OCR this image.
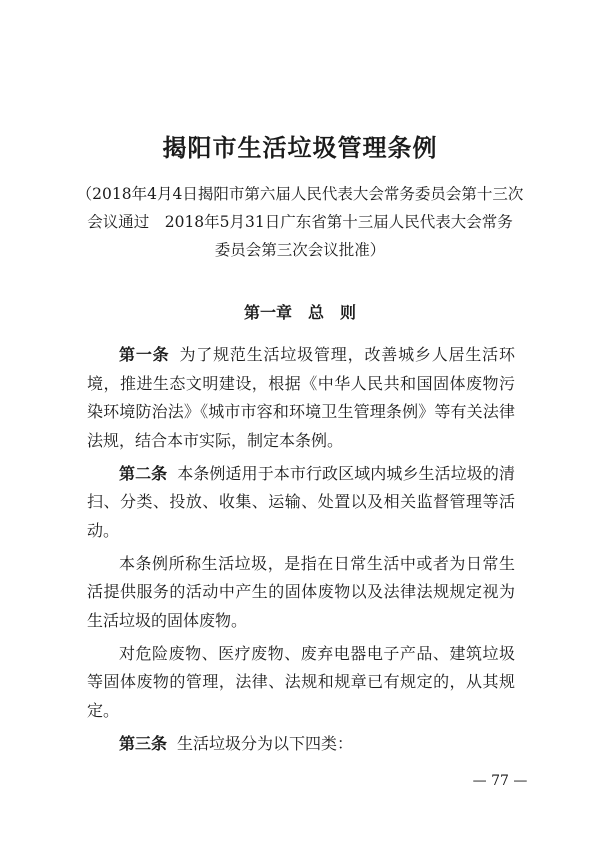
揭阳市生活垃圾管理条例
（2018年4月4日揭阳市第六届人民代表大会常务委员会第十三次
会议通过　2018年5月31日广东省第十三届人民代表大会常务
委员会第三次会议批准）
第一章　总　则

第一条 为了规范生活垃圾管理，改善城乡人居生活环境，推进生态文明建设，根据《中华人民共和国固体废物污染环境防治法》《城市市容和环境卫生管理条例》等有关法律法规，结合本市实际，制定本条例。

第二条 本条例适用于本市行政区域内城乡生活垃圾的清扫、分类、投放、收集、运输、处置以及相关监督管理等活动。

本条例所称生活垃圾，是指在日常生活中或者为日常生活提供服务的活动中产生的固体废物以及法律法规规定视为生活垃圾的固体废物。

对危险废物、医疗废物、废弃电器电子产品、建筑垃圾等固体废物的管理，法律、法规和规章已有规定的，从其规定。

第三条 生活垃圾分为以下四类：

— 77 —
